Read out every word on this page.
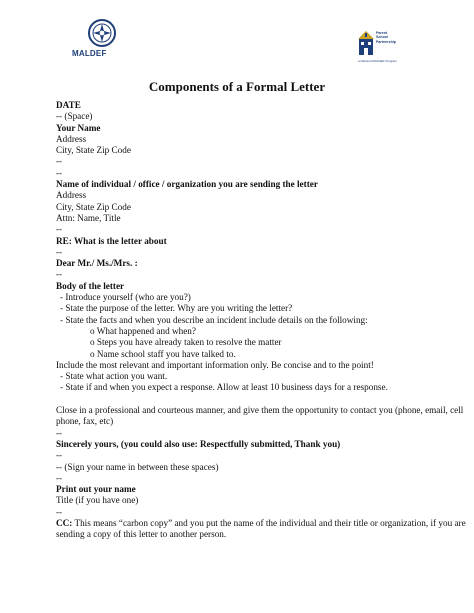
MALDEF
Parent
School
Partnership
a National MALDEF Program
Components of a Formal Letter
DATE
-- (Space)
Your Name
Address
City, State Zip Code
--
--
Name of individual / office / organization you are sending the letter
Address
City, State Zip Code
Attn: Name, Title
--
RE: What is the letter about
--
Dear Mr./ Ms./Mrs. :
--
Body of the letter
- Introduce yourself (who are you?)
- State the purpose of the letter. Why are you writing the letter?
- State the facts and when you describe an incident include details on the following:
o What happened and when?
o Steps you have already taken to resolve the matter
o Name school staff you have talked to.
Include the most relevant and important information only. Be concise and to the point!
- State what action you want.
- State if and when you expect a response. Allow at least 10 business days for a response.
Close in a professional and courteous manner, and give them the opportunity to contact you (phone, email, cell phone, fax, etc)
--
Sincerely yours, (you could also use: Respectfully submitted, Thank you)
--
-- (Sign your name in between these spaces)
--
Print out your name
Title (if you have one)
--
CC: This means “carbon copy” and you put the name of the individual and their title or organization, if you are sending a copy of this letter to another person.
